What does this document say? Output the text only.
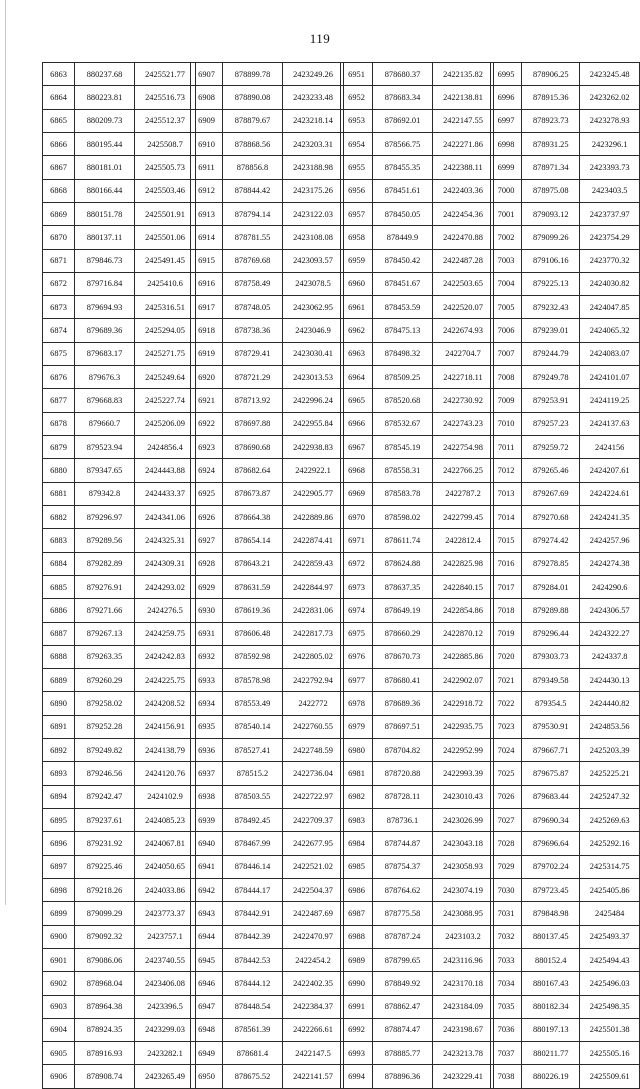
119
6863	880237.68	2425521.77
6864	880223.81	2425516.73
6865	880209.73	2425512.37
6866	880195.44	2425508.7
6867	880181.01	2425505.73
6868	880166.44	2425503.46
6869	880151.78	2425501.91
6870	880137.11	2425501.06
6871	879846.73	2425491.45
6872	879716.84	2425410.6
6873	879694.93	2425316.51
6874	879689.36	2425294.05
6875	879683.17	2425271.75
6876	879676.3	2425249.64
6877	879668.83	2425227.74
6878	879660.7	2425206.09
6879	879523.94	2424856.4
6880	879347.65	2424443.88
6881	879342.8	2424433.37
6882	879296.97	2424341.06
6883	879289.56	2424325.31
6884	879282.89	2424309.31
6885	879276.91	2424293.02
6886	879271.66	2424276.5
6887	879267.13	2424259.75
6888	879263.35	2424242.83
6889	879260.29	2424225.75
6890	879258.02	2424208.52
6891	879252.28	2424156.91
6892	879249.82	2424138.79
6893	879246.56	2424120.76
6894	879242.47	2424102.9
6895	879237.61	2424085.23
6896	879231.92	2424067.81
6897	879225.46	2424050.65
6898	879218.26	2424033.86
6899	879099.29	2423773.37
6900	879092.32	2423757.1
6901	879086.06	2423740.55
6902	878968.04	2423406.08
6903	878964.38	2423396.5
6904	878924.35	2423299.03
6905	878916.93	2423282.1
6906	878908.74	2423265.49
6907	878899.78	2423249.26
6908	878890.08	2423233.48
6909	878879.67	2423218.14
6910	878868.56	2423203.31
6911	878856.8	2423188.98
6912	878844.42	2423175.26
6913	878794.14	2423122.03
6914	878781.55	2423108.08
6915	878769.68	2423093.57
6916	878758.49	2423078.5
6917	878748.05	2423062.95
6918	878738.36	2423046.9
6919	878729.41	2423030.41
6920	878721.29	2423013.53
6921	878713.92	2422996.24
6922	878697.88	2422955.84
6923	878690.68	2422938.83
6924	878682.64	2422922.1
6925	878673.87	2422905.77
6926	878664.38	2422889.86
6927	878654.14	2422874.41
6928	878643.21	2422859.43
6929	878631.59	2422844.97
6930	878619.36	2422831.06
6931	878606.48	2422817.73
6932	878592.98	2422805.02
6933	878578.98	2422792.94
6934	878553.49	2422772
6935	878540.14	2422760.55
6936	878527.41	2422748.59
6937	878515.2	2422736.04
6938	878503.55	2422722.97
6939	878492.45	2422709.37
6940	878467.99	2422677.95
6941	878446.14	2422521.02
6942	878444.17	2422504.37
6943	878442.91	2422487.69
6944	878442.39	2422470.97
6945	878442.53	2422454.2
6946	878444.12	2422402.35
6947	878448.54	2422384.37
6948	878561.39	2422266.61
6949	878681.4	2422147.5
6950	878675.52	2422141.57
6951	878680.37	2422135.82
6952	878683.34	2422138.81
6953	878692.01	2422147.55
6954	878566.75	2422271.86
6955	878455.35	2422388.11
6956	878451.61	2422403.36
6957	878450.05	2422454.36
6958	878449.9	2422470.88
6959	878450.42	2422487.28
6960	878451.67	2422503.65
6961	878453.59	2422520.07
6962	878475.13	2422674.93
6963	878498.32	2422704.7
6964	878509.25	2422718.11
6965	878520.68	2422730.92
6966	878532.67	2422743.23
6967	878545.19	2422754.98
6968	878558.31	2422766.25
6969	878583.78	2422787.2
6970	878598.02	2422799.45
6971	878611.74	2422812.4
6972	878624.88	2422825.98
6973	878637.35	2422840.15
6974	878649.19	2422854.86
6975	878660.29	2422870.12
6976	878670.73	2422885.86
6977	878680.41	2422902.07
6978	878689.36	2422918.72
6979	878697.51	2422935.75
6980	878704.82	2422952.99
6981	878720.88	2422993.39
6982	878728.11	2423010.43
6983	878736.1	2423026.99
6984	878744.87	2423043.18
6985	878754.37	2423058.93
6986	878764.62	2423074.19
6987	878775.58	2423088.95
6988	878787.24	2423103.2
6989	878799.65	2423116.96
6990	878849.92	2423170.18
6991	878862.47	2423184.09
6992	878874.47	2423198.67
6993	878885.77	2423213.78
6994	878896.36	2423229.41
6995	878906.25	2423245.48
6996	878915.36	2423262.02
6997	878923.73	2423278.93
6998	878931.25	2423296.1
6999	878971.34	2423393.73
7000	878975.08	2423403.5
7001	879093.12	2423737.97
7002	879099.26	2423754.29
7003	879106.16	2423770.32
7004	879225.13	2424030.82
7005	879232.43	2424047.85
7006	879239.01	2424065.32
7007	879244.79	2424083.07
7008	879249.78	2424101.07
7009	879253.91	2424119.25
7010	879257.23	2424137.63
7011	879259.72	2424156
7012	879265.46	2424207.61
7013	879267.69	2424224.61
7014	879270.68	2424241.35
7015	879274.42	2424257.96
7016	879278.85	2424274.38
7017	879284.01	2424290.6
7018	879289.88	2424306.57
7019	879296.44	2424322.27
7020	879303.73	2424337.8
7021	879349.58	2424430.13
7022	879354.5	2424440.82
7023	879530.91	2424853.56
7024	879667.71	2425203.39
7025	879675.87	2425225.21
7026	879683.44	2425247.32
7027	879690.34	2425269.63
7028	879696.64	2425292.16
7029	879702.24	2425314.75
7030	879723.45	2425405.86
7031	879848.98	2425484
7032	880137.45	2425493.37
7033	880152.4	2425494.43
7034	880167.43	2425496.03
7035	880182.34	2425498.35
7036	880197.13	2425501.38
7037	880211.77	2425505.16
7038	880226.19	2425509.61
